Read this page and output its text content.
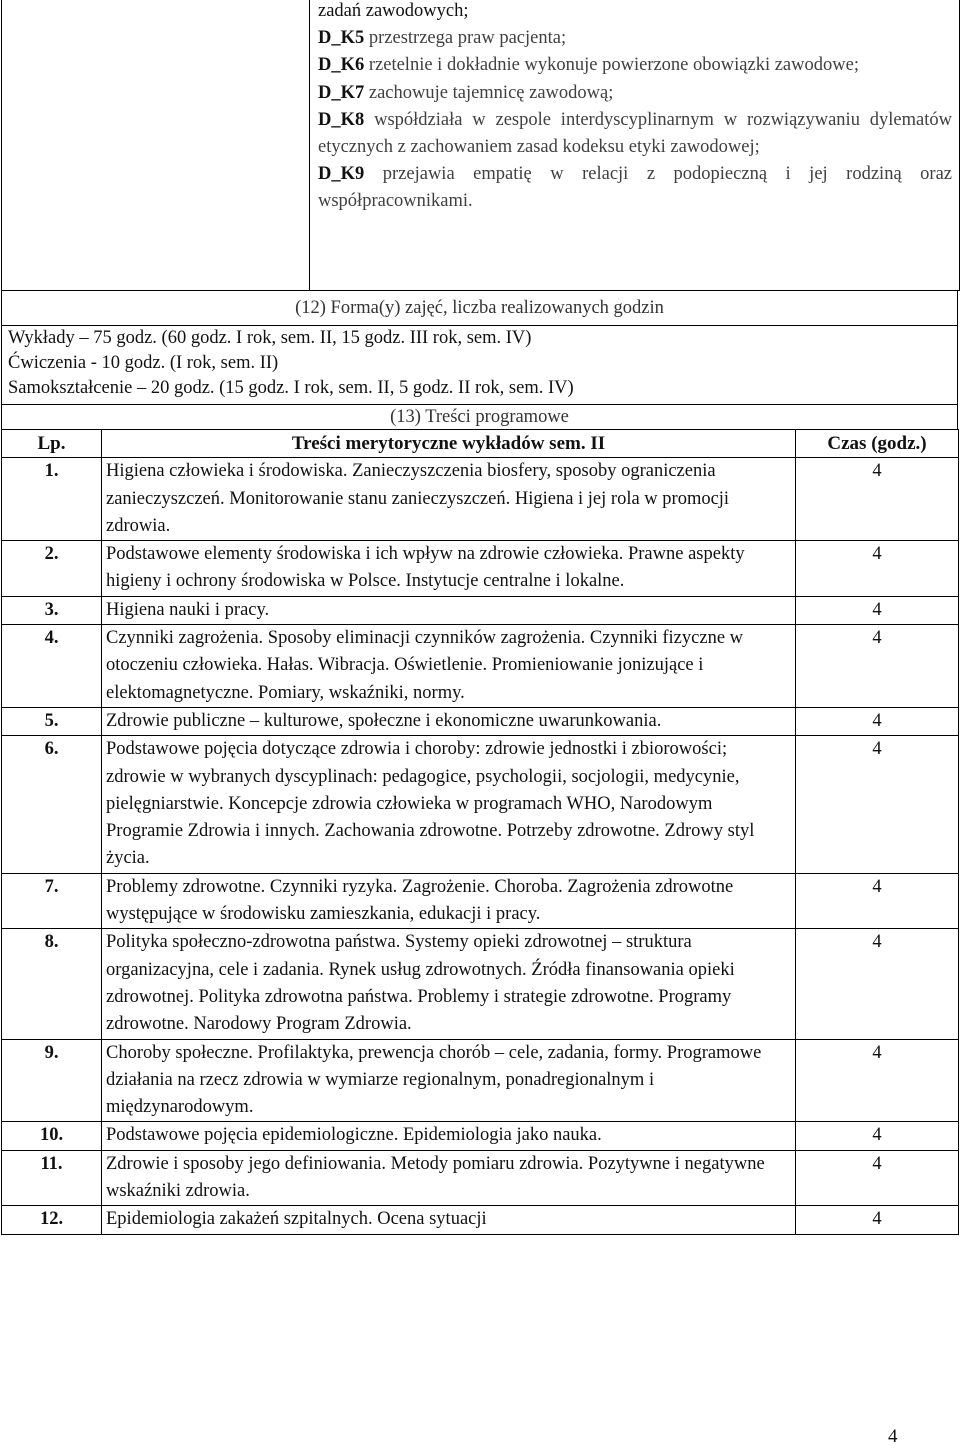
zadań zawodowych;

D_K5 przestrzega praw pacjenta;

D_K6 rzetelnie i dokładnie wykonuje powierzone obowiązki zawodowe;

D_K7 zachowuje tajemnicę zawodową;

D_K8 współdziała w zespole interdyscyplinarnym w rozwiązywaniu dylematów etycznych z zachowaniem zasad kodeksu etyki zawodowej;

D_K9 przejawia empatię w relacji z podopieczną i jej rodziną oraz współpracownikami.

(12) Forma(y) zajęć, liczba realizowanych godzin
Wykłady – 75 godz. (60 godz. I rok, sem. II, 15 godz. III rok, sem. IV)
Ćwiczenia - 10 godz. (I rok, sem. II)
Samokształcenie – 20 godz. (15 godz. I rok, sem. II, 5 godz. II rok, sem. IV)
(13) Treści programowe
Lp.	Treści merytoryczne wykładów sem. II	Czas (godz.)
1.	Higiena człowieka i środowiska. Zanieczyszczenia biosfery, sposoby ograniczenia zanieczyszczeń. Monitorowanie stanu zanieczyszczeń. Higiena i jej rola w promocji zdrowia.	4
2.	Podstawowe elementy środowiska i ich wpływ na zdrowie człowieka. Prawne aspekty higieny i ochrony środowiska w Polsce. Instytucje centralne i lokalne.	4
3.	Higiena nauki i pracy.	4
4.	Czynniki zagrożenia. Sposoby eliminacji czynników zagrożenia. Czynniki fizyczne w otoczeniu człowieka. Hałas. Wibracja. Oświetlenie. Promieniowanie jonizujące i elektomagnetyczne. Pomiary, wskaźniki, normy.	4
5.	Zdrowie publiczne – kulturowe, społeczne i ekonomiczne uwarunkowania.	4
6.	Podstawowe pojęcia dotyczące zdrowia i choroby: zdrowie jednostki i zbiorowości; zdrowie w wybranych dyscyplinach: pedagogice, psychologii, socjologii, medycynie, pielęgniarstwie. Koncepcje zdrowia człowieka w programach WHO, Narodowym Programie Zdrowia i innych. Zachowania zdrowotne. Potrzeby zdrowotne. Zdrowy styl życia.	4
7.	Problemy zdrowotne. Czynniki ryzyka. Zagrożenie. Choroba. Zagrożenia zdrowotne występujące w środowisku zamieszkania, edukacji i pracy.	4
8.	Polityka społeczno-zdrowotna państwa. Systemy opieki zdrowotnej – struktura organizacyjna, cele i zadania. Rynek usług zdrowotnych. Źródła finansowania opieki zdrowotnej. Polityka zdrowotna państwa. Problemy i strategie zdrowotne. Programy zdrowotne. Narodowy Program Zdrowia.	4
9.	Choroby społeczne. Profilaktyka, prewencja chorób – cele, zadania, formy. Programowe działania na rzecz zdrowia w wymiarze regionalnym, ponadregionalnym i międzynarodowym.	4
10.	Podstawowe pojęcia epidemiologiczne. Epidemiologia jako nauka.	4
11.	Zdrowie i sposoby jego definiowania. Metody pomiaru zdrowia. Pozytywne i negatywne wskaźniki zdrowia.	4
12.	Epidemiologia zakażeń szpitalnych. Ocena sytuacji	4
4
